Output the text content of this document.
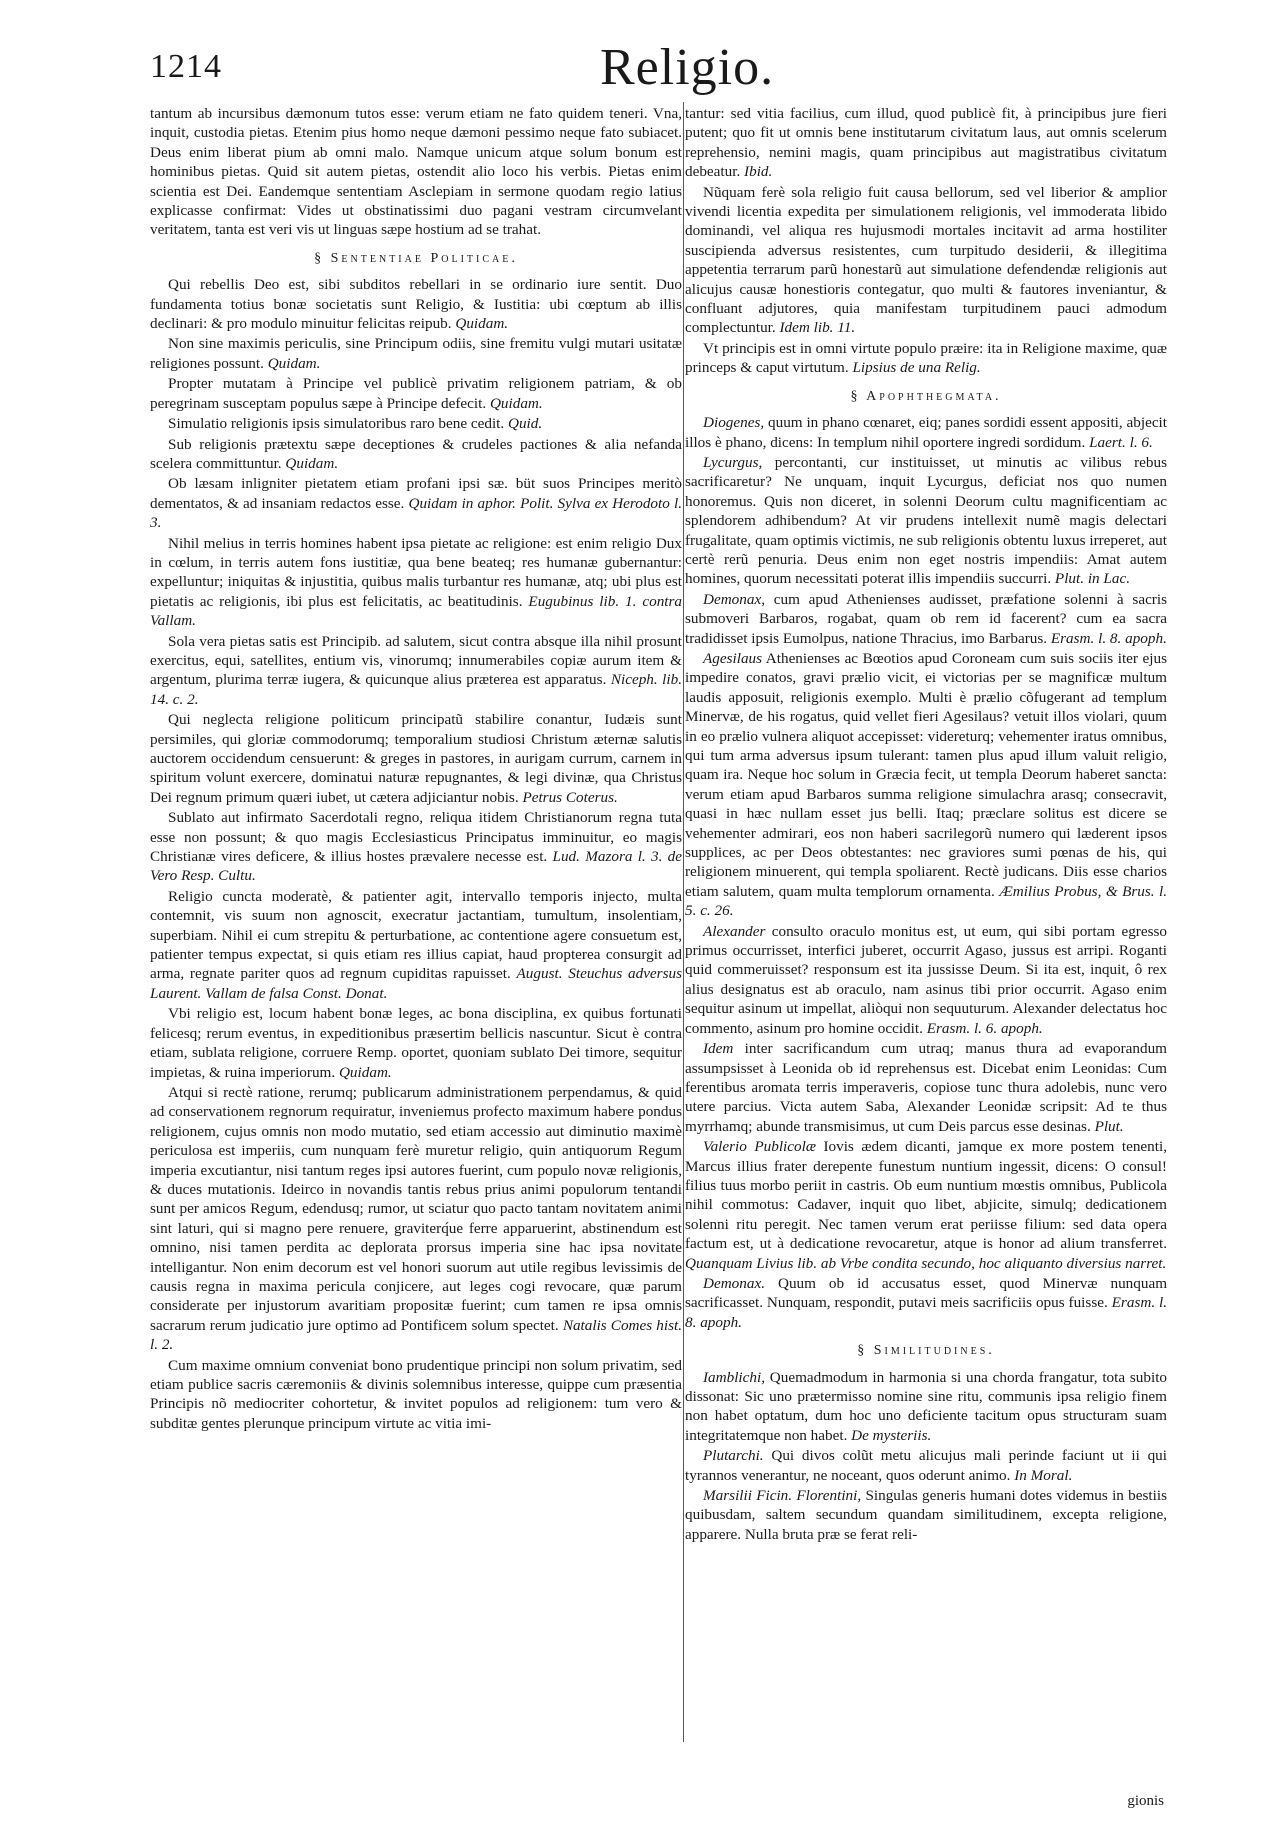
1214	Religio.

tantum ab incursibus dæmonum tutos esse: verum etiam ne fato quidem teneri. Vna, inquit, custodia pietas. Etenim pius homo neque dæmoni pessimo neque fato subiacet. Deus enim liberat pium ab omni malo. Namque unicum atque solum bonum est hominibus pietas. Quid sit autem pietas, ostendit alio loco his verbis. Pietas enim scientia est Dei. Eandemque sententiam Asclepiam in sermone quodam regio latius explicasse confirmat: Vides ut obstinatissimi duo pagani vestram circumvelant veritatem, tanta est veri vis ut linguas sæpe hostium ad se trahat.

§ Sententiae Politicae.

Qui rebellis Deo est, sibi subditos rebellari in se ordinario iure sentit. Duo fundamenta totius bonæ societatis sunt Religio, & Iustitia: ubi cœptum ab illis declinari: & pro modulo minuitur felicitas reipub. Quidam.

Non sine maximis periculis, sine Principum odiis, sine fremitu vulgi mutari usitatæ religiones possunt. Quidam.

Propter mutatam à Principe vel publicè privatim religionem patriam, & ob peregrinam susceptam populus sæpe à Principe defecit. Quidam.

Simulatio religionis ipsis simulatoribus raro bene cedit. Quid.

Sub religionis prætextu sæpe deceptiones & crudeles pactiones & alia nefanda scelera committuntur. Quidam.

Ob læsam inligniter pietatem etiam profani ipsi sæ. büt suos Principes meritò dementatos, & ad insaniam redactos esse. Quidam in aphor. Polit. Sylva ex Herodoto l. 3.

Nihil melius in terris homines habent ipsa pietate ac religione: est enim religio Dux in cœlum, in terris autem fons iustitiæ, qua bene beateq; res humanæ gubernantur: expelluntur; iniquitas & injustitia, quibus malis turbantur res humanæ, atq; ubi plus est pietatis ac religionis, ibi plus est felicitatis, ac beatitudinis. Eugubinus lib. 1. contra Vallam.

Sola vera pietas satis est Principib. ad salutem, sicut contra absque illa nihil prosunt exercitus, equi, satellites, entium vis, vinorumq; innumerabiles copiæ aurum item & argentum, plurima terræ iugera, & quicunque alius præterea est apparatus. Niceph. lib. 14. c. 2.

Qui neglecta religione politicum principatũ stabilire conantur, Iudæis sunt persimiles, qui gloriæ commodorumq; temporalium studiosi Christum æternæ salutis auctorem occidendum censuerunt: & greges in pastores, in aurigam currum, carnem in spiritum volunt exercere, dominatui naturæ repugnantes, & legi divinæ, qua Christus Dei regnum primum quæri iubet, ut cætera adjiciantur nobis. Petrus Coterus.

Sublato aut infirmato Sacerdotali regno, reliqua itidem Christianorum regna tuta esse non possunt; & quo magis Ecclesiasticus Principatus imminuitur, eo magis Christianæ vires deficere, & illius hostes prævalere necesse est. Lud. Mazora l. 3. de Vero Resp. Cultu.

Religio cuncta moderatè, & patienter agit, intervallo temporis injecto, multa contemnit, vis suum non agnoscit, execratur jactantiam, tumultum, insolentiam, superbiam. Nihil ei cum strepitu & perturbatione, ac contentione agere consuetum est, patienter tempus expectat, si quis etiam res illius capiat, haud propterea consurgit ad arma, regnate pariter quos ad regnum cupiditas rapuisset. August. Steuchus adversus Laurent. Vallam de falsa Const. Donat.

Vbi religio est, locum habent bonæ leges, ac bona disciplina, ex quibus fortunati felicesq; rerum eventus, in expeditionibus præsertim bellicis nascuntur. Sicut è contra etiam, sublata religione, corruere Remp. oportet, quoniam sublato Dei timore, sequitur impietas, & ruina imperiorum. Quidam.

Atqui si rectè ratione, rerumq; publicarum administrationem perpendamus, & quid ad conservationem regnorum requiratur, inveniemus profecto maximum habere pondus religionem, cujus omnis non modo mutatio, sed etiam accessio aut diminutio maximè periculosa est imperiis, cum nunquam ferè muretur religio, quin antiquorum Regum imperia excutiantur, nisi tantum reges ipsi autores fuerint, cum populo novæ religionis, & duces mutationis. Ideirco in novandis tantis rebus prius animi populorum tentandi sunt per amicos Regum, edendusq; rumor, ut sciatur quo pacto tantam novitatem animi sint laturi, qui si magno pere renuere, graviterq́ue ferre apparuerint, abstinendum est omnino, nisi tamen perdita ac deplorata prorsus imperia sine hac ipsa novitate intelligantur. Non enim decorum est vel honori suorum aut utile regibus levissimis de causis regna in maxima pericula conjicere, aut leges cogi revocare, quæ parum considerate per injustorum avaritiam propositæ fuerint; cum tamen re ipsa omnis sacrarum rerum judicatio jure optimo ad Pontificem solum spectet. Natalis Comes hist. l. 2.

Cum maxime omnium conveniat bono prudentique principi non solum privatim, sed etiam publice sacris cæremoniis & divinis solemnibus interesse, quippe cum præsentia Principis nõ mediocriter cohortetur, & invitet populos ad religionem: tum vero & subditæ gentes plerunque principum virtute ac vitia imi-

tantur: sed vitia facilius, cum illud, quod publicè fit, à principibus jure fieri putent; quo fit ut omnis bene institutarum civitatum laus, aut omnis scelerum reprehensio, nemini magis, quam principibus aut magistratibus civitatum debeatur. Ibid.

Nũquam ferè sola religio fuit causa bellorum, sed vel liberior & amplior vivendi licentia expedita per simulationem religionis, vel immoderata libido dominandi, vel aliqua res hujusmodi mortales incitavit ad arma hostiliter suscipienda adversus resistentes, cum turpitudo desiderii, & illegitima appetentia terrarum parũ honestarũ aut simulatione defendendæ religionis aut alicujus causæ honestioris contegatur, quo multi & fautores inveniantur, & confluant adjutores, quia manifestam turpitudinem pauci admodum complectuntur. Idem lib. 11.

Vt principis est in omni virtute populo præire: ita in Religione maxime, quæ princeps & caput virtutum. Lipsius de una Relig.

§ Apophthegmata.

Diogenes, quum in phano cœnaret, eiq; panes sordidi essent appositi, abjecit illos è phano, dicens: In templum nihil oportere ingredi sordidum. Laert. l. 6.

Lycurgus, percontanti, cur instituisset, ut minutis ac vilibus rebus sacrificaretur? Ne unquam, inquit Lycurgus, deficiat nos quo numen honoremus. Quis non diceret, in solenni Deorum cultu magnificentiam ac splendorem adhibendum? At vir prudens intellexit numẽ magis delectari frugalitate, quam optimis victimis, ne sub religionis obtentu luxus irreperet, aut certè rerũ penuria. Deus enim non eget nostris impendiis: Amat autem homines, quorum necessitati poterat illis impendiis succurri. Plut. in Lac.

Demonax, cum apud Athenienses audisset, præfatione solenni à sacris submoveri Barbaros, rogabat, quam ob rem id facerent? cum ea sacra tradidisset ipsis Eumolpus, natione Thracius, imo Barbarus. Erasm. l. 8. apoph.

Agesilaus Athenienses ac Bœotios apud Coroneam cum suis sociis iter ejus impedire conatos, gravi prælio vicit, ei victorias per se magnificæ multum laudis apposuit, religionis exemplo. Multi è prælio cõfugerant ad templum Minervæ, de his rogatus, quid vellet fieri Agesilaus? vetuit illos violari, quum in eo prælio vulnera aliquot accepisset: videreturq; vehementer iratus omnibus, qui tum arma adversus ipsum tulerant: tamen plus apud illum valuit religio, quam ira. Neque hoc solum in Græcia fecit, ut templa Deorum haberet sancta: verum etiam apud Barbaros summa religione simulachra arasq; consecravit, quasi in hæc nullam esset jus belli. Itaq; præclare solitus est dicere se vehementer admirari, eos non haberi sacrilegorũ numero qui læderent ipsos supplices, ac per Deos obtestantes: nec graviores sumi pœnas de his, qui religionem minuerent, qui templa spoliarent. Rectè judicans. Diis esse charios etiam salutem, quam multa templorum ornamenta. Æmilius Probus, & Brus. l. 5. c. 26.

Alexander consulto oraculo monitus est, ut eum, qui sibi portam egresso primus occurrisset, interfici juberet, occurrit Agaso, jussus est arripi. Roganti quid commeruisset? responsum est ita jussisse Deum. Si ita est, inquit, ô rex alius designatus est ab oraculo, nam asinus tibi prior occurrit. Agaso enim sequitur asinum ut impellat, aliòqui non sequuturum. Alexander delectatus hoc commento, asinum pro homine occidit. Erasm. l. 6. apoph.

Idem inter sacrificandum cum utraq; manus thura ad evaporandum assumpsisset à Leonida ob id reprehensus est. Dicebat enim Leonidas: Cum ferentibus aromata terris imperaveris, copiose tunc thura adolebis, nunc vero utere parcius. Victa autem Saba, Alexander Leonidæ scripsit: Ad te thus myrrhamq; abunde transmisimus, ut cum Deis parcus esse desinas. Plut.

Valerio Publicolæ Iovis ædem dicanti, jamque ex more postem tenenti, Marcus illius frater derepente funestum nuntium ingessit, dicens: O consul! filius tuus morbo periit in castris. Ob eum nuntium mœstis omnibus, Publicola nihil commotus: Cadaver, inquit quo libet, abjicite, simulq; dedicationem solenni ritu peregit. Nec tamen verum erat periisse filium: sed data opera factum est, ut à dedicatione revocaretur, atque is honor ad alium transferret. Quanquam Livius lib. ab Vrbe condita secundo, hoc aliquanto diversius narret.

Demonax. Quum ob id accusatus esset, quod Minervæ nunquam sacrificasset. Nunquam, respondit, putavi meis sacrificiis opus fuisse. Erasm. l. 8. apoph.

§ Similitudines.

Iamblichi, Quemadmodum in harmonia si una chorda frangatur, tota subito dissonat: Sic uno prætermisso nomine sine ritu, communis ipsa religio finem non habet optatum, dum hoc uno deficiente tacitum opus structuram suam integritatemque non habet. De mysteriis.

Plutarchi. Qui divos colũt metu alicujus mali perinde faciunt ut ii qui tyrannos venerantur, ne noceant, quos oderunt animo. In Moral.

Marsilii Ficin. Florentini, Singulas generis humani dotes videmus in bestiis quibusdam, saltem secundum quandam similitudinem, excepta religione, apparere. Nulla bruta præ se ferat reli-

gionis
